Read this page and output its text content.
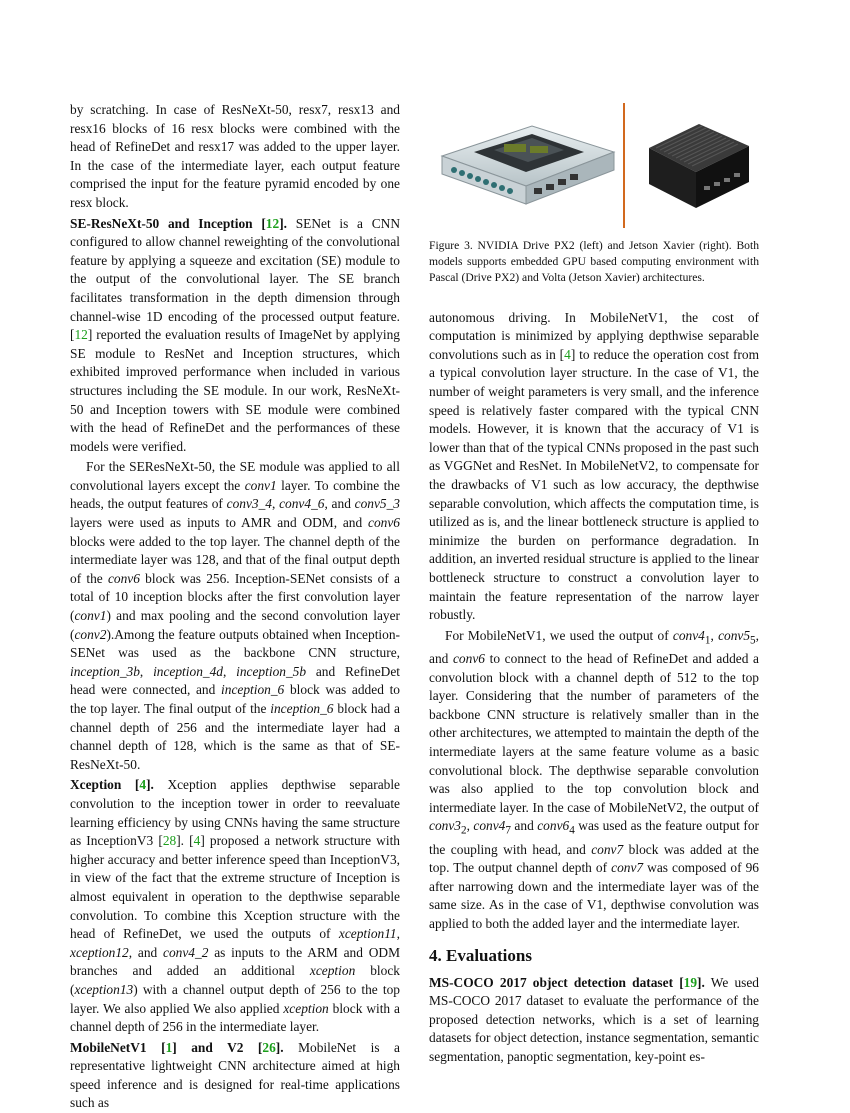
by scratching. In case of ResNeXt-50, resx7, resx13 and resx16 blocks of 16 resx blocks were combined with the head of RefineDet and resx17 was added to the upper layer. In the case of the intermediate layer, each output feature comprised the input for the feature pyramid encoded by one resx block.

SE-ResNeXt-50 and Inception [12]. SENet is a CNN configured to allow channel reweighting of the convolutional feature by applying a squeeze and excitation (SE) module to the output of the convolutional layer. The SE branch facilitates transformation in the depth dimension through channel-wise 1D encoding of the processed output feature. [12] reported the evaluation results of ImageNet by applying SE module to ResNet and Inception structures, which exhibited improved performance when included in various structures including the SE module. In our work, ResNeXt-50 and Inception towers with SE module were combined with the head of RefineDet and the performances of these models were verified.

For the SEResNeXt-50, the SE module was applied to all convolutional layers except the conv1 layer. To combine the heads, the output features of conv3_4, conv4_6, and conv5_3 layers were used as inputs to AMR and ODM, and conv6 blocks were added to the top layer. The channel depth of the intermediate layer was 128, and that of the final output depth of the conv6 block was 256. Inception-SENet consists of a total of 10 inception blocks after the first convolution layer (conv1) and max pooling and the second convolution layer (conv2).Among the feature outputs obtained when Inception-SENet was used as the backbone CNN structure, inception_3b, inception_4d, inception_5b and RefineDet head were connected, and inception_6 block was added to the top layer. The final output of the inception_6 block had a channel depth of 256 and the intermediate layer had a channel depth of 128, which is the same as that of SE-ResNeXt-50.

Xception [4]. Xception applies depthwise separable convolution to the inception tower in order to reevaluate learning efficiency by using CNNs having the same structure as InceptionV3 [28]. [4] proposed a network structure with higher accuracy and better inference speed than InceptionV3, in view of the fact that the extreme structure of Inception is almost equivalent in operation to the depthwise separable convolution. To combine this Xception structure with the head of RefineDet, we used the outputs of xception11, xception12, and conv4_2 as inputs to the ARM and ODM branches and added an additional xception block (xception13) with a channel output depth of 256 to the top layer. We also applied We also applied xception block with a channel depth of 256 in the intermediate layer.

MobileNetV1 [1] and V2 [26]. MobileNet is a representative lightweight CNN architecture aimed at high speed inference and is designed for real-time applications such as

Figure 3. NVIDIA Drive PX2 (left) and Jetson Xavier (right). Both models supports embedded GPU based computing environment with Pascal (Drive PX2) and Volta (Jetson Xavier) architectures.

autonomous driving. In MobileNetV1, the cost of computation is minimized by applying depthwise separable convolutions such as in [4] to reduce the operation cost from a typical convolution layer structure. In the case of V1, the number of weight parameters is very small, and the inference speed is relatively faster compared with the typical CNN models. However, it is known that the accuracy of V1 is lower than that of the typical CNNs proposed in the past such as VGGNet and ResNet. In MobileNetV2, to compensate for the drawbacks of V1 such as low accuracy, the depthwise separable convolution, which affects the computation time, is utilized as is, and the linear bottleneck structure is applied to minimize the burden on performance degradation. In addition, an inverted residual structure is applied to the linear bottleneck structure to construct a convolution layer to maintain the feature representation of the narrow layer robustly.

For MobileNetV1, we used the output of $conv4_1$, $conv5_5$, and conv6 to connect to the head of RefineDet and added a convolution block with a channel depth of 512 to the top layer. Considering that the number of parameters of the backbone CNN structure is relatively smaller than in the other architectures, we attempted to maintain the depth of the intermediate layers at the same feature volume as a basic convolutional block. The depthwise separable convolution was also applied to the top convolution block and intermediate layer. In the case of MobileNetV2, the output of $conv3_2$, $conv4_7$ and $conv6_4$ was used as the feature output for the coupling with head, and conv7 block was added at the top. The output channel depth of conv7 was composed of 96 after narrowing down and the intermediate layer was of the same size. As in the case of V1, depthwise convolution was applied to both the added layer and the intermediate layer.

4. Evaluations

MS-COCO 2017 object detection dataset [19]. We used MS-COCO 2017 dataset to evaluate the performance of the proposed detection networks, which is a set of learning datasets for object detection, instance segmentation, semantic segmentation, panoptic segmentation, key-point es-
